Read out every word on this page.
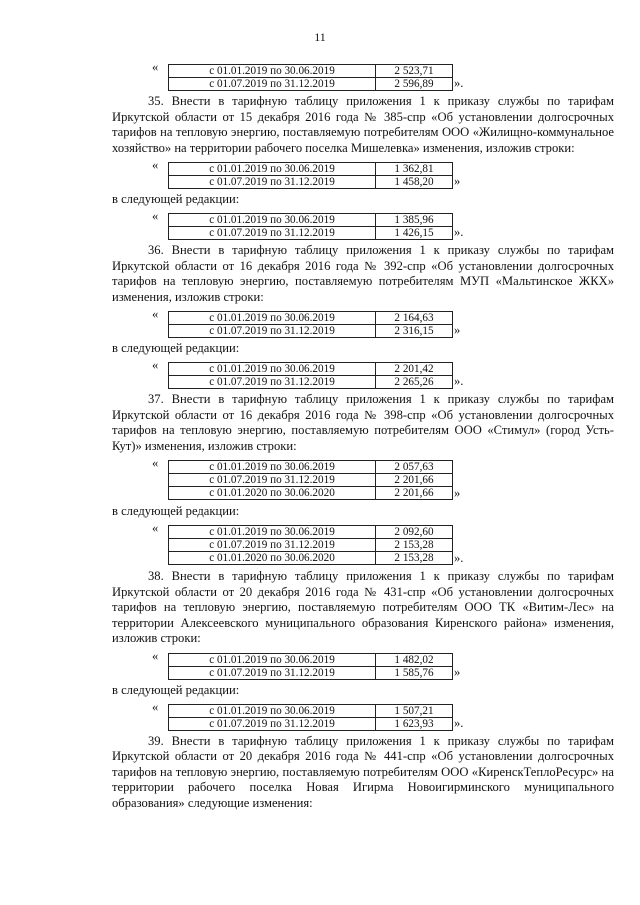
11
«	с 01.01.2019 по 30.06.2019	2 523,71
с 01.07.2019 по 31.12.2019	2 596,89 ».

35. Внести в тарифную таблицу приложения 1 к приказу службы по тарифам Иркутской области от 15 декабря 2016 года № 385-спр «Об установлении долгосрочных тарифов на тепловую энергию, поставляемую потребителям ООО «Жилищно-коммунальное хозяйство» на территории рабочего поселка Мишелевка» изменения, изложив строки:

«	с 01.01.2019 по 30.06.2019	1 362,81
с 01.07.2019 по 31.12.2019	1 458,20 »

в следующей редакции:

«	с 01.01.2019 по 30.06.2019	1 385,96
с 01.07.2019 по 31.12.2019	1 426,15 ».

36. Внести в тарифную таблицу приложения 1 к приказу службы по тарифам Иркутской области от 16 декабря 2016 года № 392-спр «Об установлении долгосрочных тарифов на тепловую энергию, поставляемую потребителям МУП «Мальтинское ЖКХ» изменения, изложив строки:

«	с 01.01.2019 по 30.06.2019	2 164,63
с 01.07.2019 по 31.12.2019	2 316,15 »

в следующей редакции:

«	с 01.01.2019 по 30.06.2019	2 201,42
с 01.07.2019 по 31.12.2019	2 265,26 ».

37. Внести в тарифную таблицу приложения 1 к приказу службы по тарифам Иркутской области от 16 декабря 2016 года № 398-спр «Об установлении долгосрочных тарифов на тепловую энергию, поставляемую потребителям ООО «Стимул» (город Усть-Кут)» изменения, изложив строки:

«	с 01.01.2019 по 30.06.2019	2 057,63
с 01.07.2019 по 31.12.2019	2 201,66
с 01.01.2020 по 30.06.2020	2 201,66 »

в следующей редакции:

«	с 01.01.2019 по 30.06.2019	2 092,60
с 01.07.2019 по 31.12.2019	2 153,28
с 01.01.2020 по 30.06.2020	2 153,28 ».

38. Внести в тарифную таблицу приложения 1 к приказу службы по тарифам Иркутской области от 20 декабря 2016 года № 431-спр «Об установлении долгосрочных тарифов на тепловую энергию, поставляемую потребителям ООО ТК «Витим-Лес» на территории Алексеевского муниципального образования Киренского района» изменения, изложив строки:

«	с 01.01.2019 по 30.06.2019	1 482,02
с 01.07.2019 по 31.12.2019	1 585,76 »

в следующей редакции:

«	с 01.01.2019 по 30.06.2019	1 507,21
с 01.07.2019 по 31.12.2019	1 623,93 ».

39. Внести в тарифную таблицу приложения 1 к приказу службы по тарифам Иркутской области от 20 декабря 2016 года № 441-спр «Об установлении долгосрочных тарифов на тепловую энергию, поставляемую потребителям ООО «КиренскТеплоРесурс» на территории рабочего поселка Новая Игирма Новоигирминского муниципального образования» следующие изменения:
